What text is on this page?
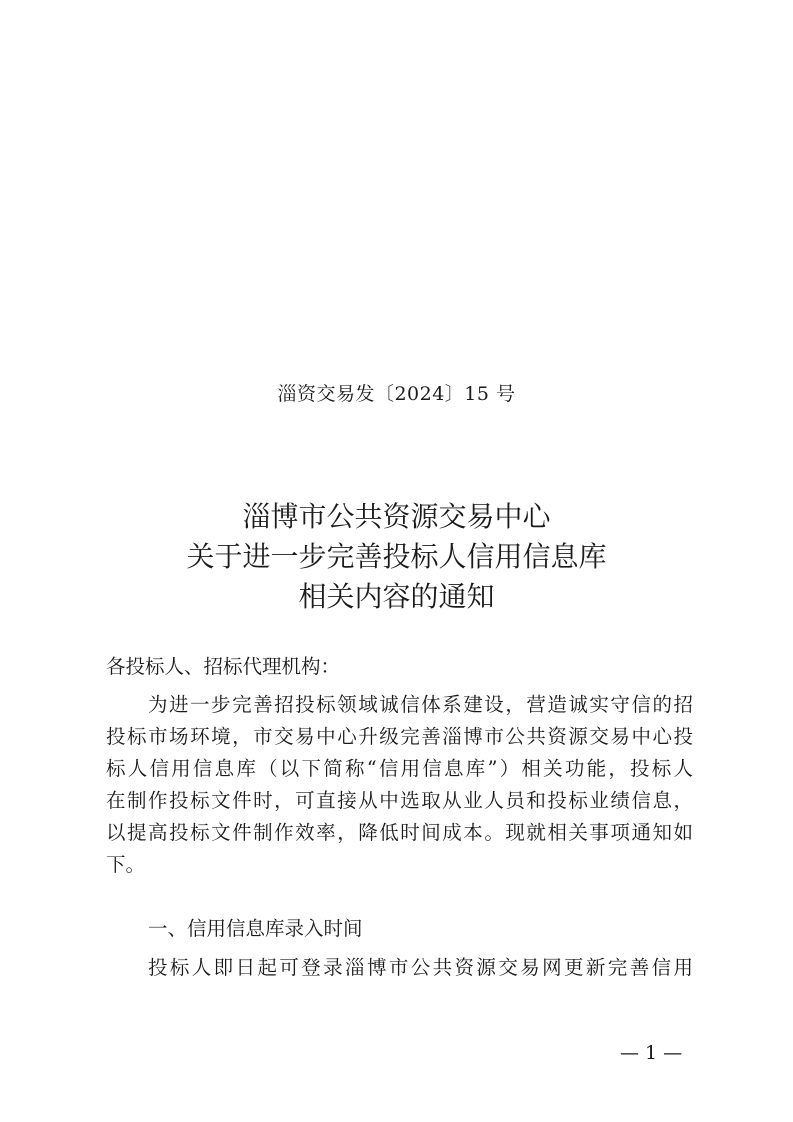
淄资交易发〔2024〕15 号
淄博市公共资源交易中心
关于进一步完善投标人信用信息库
相关内容的通知
各投标人、招标代理机构：
为进一步完善招投标领域诚信体系建设，营造诚实守信的招
投标市场环境，市交易中心升级完善淄博市公共资源交易中心投
标人信用信息库（以下简称“信用信息库”）相关功能，投标人
在制作投标文件时，可直接从中选取从业人员和投标业绩信息，
以提高投标文件制作效率，降低时间成本。现就相关事项通知如
下。
一、信用信息库录入时间
投标人即日起可登录淄博市公共资源交易网更新完善信用
— 1 —
